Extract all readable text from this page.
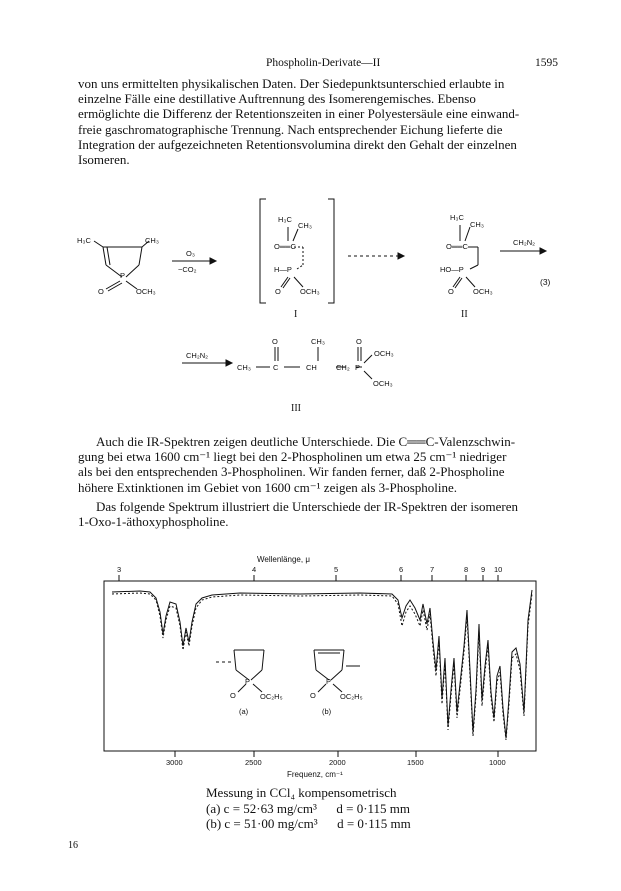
Phospholin-Derivate—II	1595
von uns ermittelten physikalischen Daten. Der Siedepunktsunterschied erlaubte in
einzelne Fälle eine destillative Auftrennung des Isomerengemisches. Ebenso
ermöglichte die Differenz der Retentionszeiten in einer Polyestersäule eine einwand-
freie gaschromatographische Trennung. Nach entsprechender Eichung lieferte die
Integration der aufgezeichneten Retentionsvolumina direkt den Gehalt der einzelnen
Isomeren.
H₃C	CH₃
P
O	OCH₃
O₃
−CO₂
H₃C
CH₃
O══C
H—P
O	OCH₃
I
H₃C
CH₃
O══C
HO—P
O	OCH₃
II
CH₂N₂
(3)
CH₂N₂
CH₃
O
C
CH₃
CH	CH₂
O
P
OCH₃
OCH₃
III
Auch die IR-Spektren zeigen deutliche Unterschiede. Die C══C-Valenzschwin-
gung bei etwa 1600 cm⁻¹ liegt bei den 2-Phospholinen um etwa 25 cm⁻¹ niedriger
als bei den entsprechenden 3-Phospholinen. Wir fanden ferner, daß 2-Phospholine
höhere Extinktionen im Gebiet von 1600 cm⁻¹ zeigen als 3-Phospholine.
Das folgende Spektrum illustriert die Unterschiede der IR-Spektren der isomeren
1-Oxo-1-äthoxyphospholine.
Wellenlänge, μ
3	4	5	6	7	8 9 10
3000	2500	2000	1500	1000
Frequenz, cm⁻¹
P
O	OC₂H₅
(a)
P
O	OC₂H₅
(b)
Messung in CCl₄ kompensometrisch
(a) c = 52·63 mg/cm³      d = 0·115 mm
(b) c = 51·00 mg/cm³      d = 0·115 mm
16
